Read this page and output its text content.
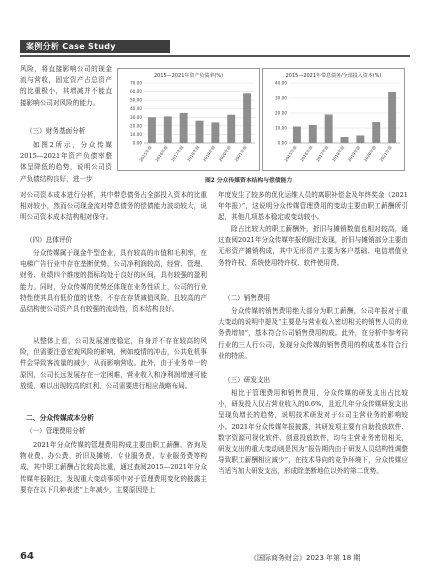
案例分析 Case Study
风险，将直接影响公司的现金流与营收，固定资产占总资产的比重极小，其增减并不能直接影响公司对风险的能力。
（三）财务基面分析
如图2所示，分众传媒2015—2021年资产负债率整体呈降低的趋势，说明公司资产负债结构良好，进一步
对公司资本成本进行分析，其中带息债务占全部投入资本的比重相对较小，然而公司现金流对带息债务的偿债能力波动较大，说明公司资本成本结构相对保守。
（四）总体评价
分众传媒属于现金牛型企业，具有较高的市值和毛利率，在电梯广告行业中存在垄断优势，公司净利润较高，经营、管理、财务、业绩四个维度的指标均处于良好的区间，具有较强的盈利能力。同时，分众传媒的优势还体现在业务性质上，公司的行业特性使其具有低价值的优势，不存在存货减值风险，且较高的产品结构使公司资产具有较强的流动性，资本结构良好。
从整体上看，公司发展速度稳定，自身并不存在较高的风险，但需要注意宏观风险的影响，例如疫情的冲击，公共危机事件会导致客流量的减少，从而影响营收。此外，由于业务单一的原因，公司长远发展存在一定困难，营业收入和净利润增速可能放缓，难以出现较高的红利，公司需要进行相应战略布局。
二、分众传媒成本分析
（一）管理费用分析
2021年分众传媒的管理费用构成主要由职工薪酬、咨询及物业费、办公费、折旧及摊销、专业服务费、专业服务费等构成，其中职工薪酬占比较高比重，通过查阅2015—2021年分众传媒年报附注，发现重大变动事项中对于管理费用变化的披露主要存在以下几种表述“上年减少，主要原因是上
2015—2021年资产负债率(%)
0.00
10.00
20.00
30.00
40.00
50.00
60.00
70.00
2015年报 2016年报 2017年报 2018年报 2019年报 2020年报 2021年报
2015—2021年带息债务/全部投入资本(%)
0.00
10.00
20.00
30.00
40.00
2015年报 2016年报 2017年报 2018年报 2019年报 2020年报 2021年报
图2 分众传媒资本结构与偿债能力
年度发生了较多的优化运维人员的离职补偿金及年终奖金（2021年年报）”，这说明分众传媒管理费用的变动主要由职工薪酬所引起，其他几项基本稳定或变动较小。
除占比较大的职工薪酬外，折旧与摊销数值也相对较高，通过查阅2021年分众传媒年报的附注发现，折旧与摊销部分主要由无形资产摊销构成，其中无形资产主要为客户基础、电信增值业务特许权、系统使用特许权、软件使用费。
（二）销售费用
分众传媒的销售费用绝大部分为职工薪酬，公司年报对于重大变动的说明中提及“主要是与营业收入密切相关的销售人员的业务费增加”，基本符合公司销售费用构成。此外，在分析中参考同行业的三人行公司，发现分众传媒的销售费用的构成基本符合行业的特质。
（三）研发支出
相比于管理费用和销售费用，分众传媒的研发支出占比较小，研发投入仅占营业收入的0.6%，且近几年分众传媒研发支出呈现负增长的趋势，说明技术研发对于公司主营业务的影响较小。2021年分众传媒年报披露，其研发项主要有自助投放软件、数字资源可视化软件、创意投放软件，均与主营业务密切相关，研发支出的重大变动则是因为“报告期内由于研发人员结构性调整导致职工薪酬相应减少”，在技术导向的竞争环境下，分众传媒应当适当加大研发支出，形成除垄断地位以外的第二优势。
64	《国际商务财会》2023 年第 18 期
